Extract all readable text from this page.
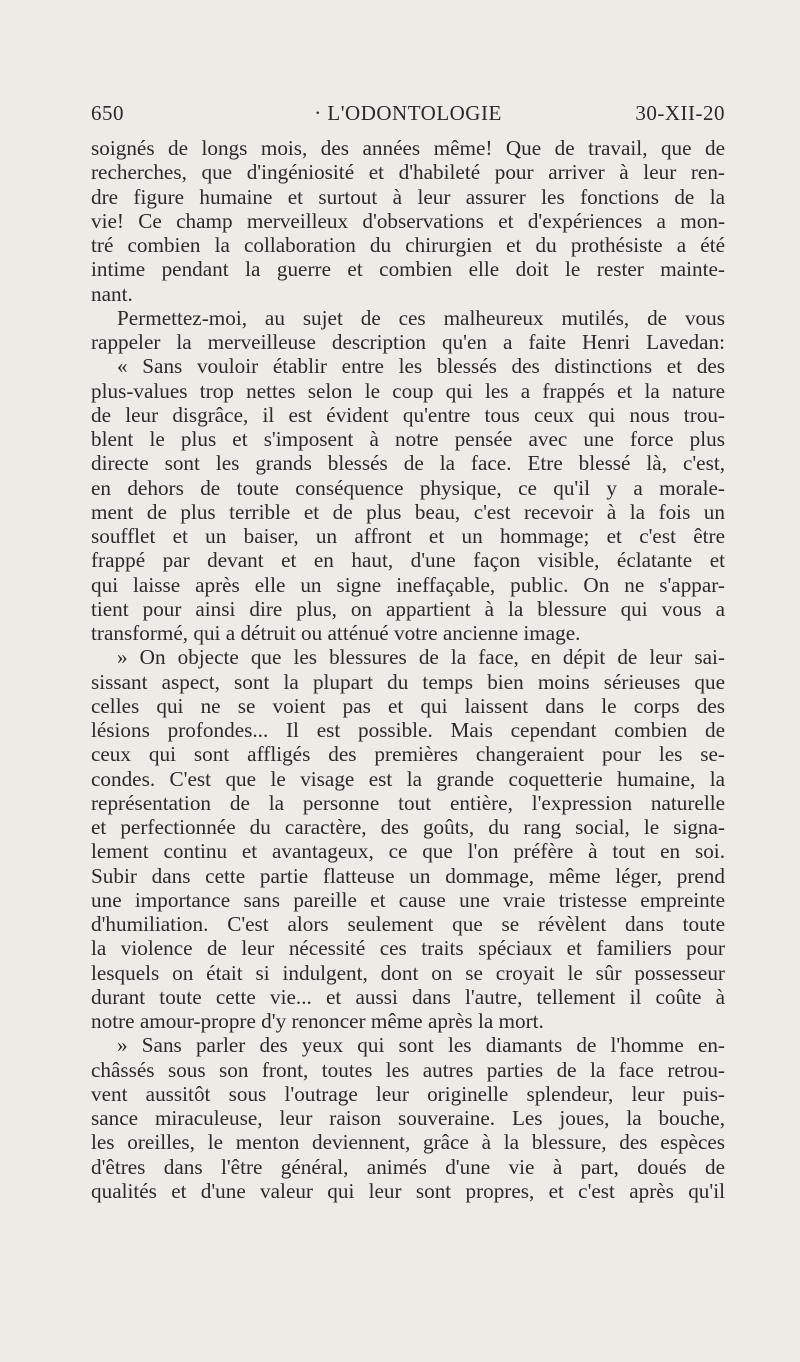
650	· L'ODONTOLOGIE	30-XII-20
soignés de longs mois, des années même! Que de travail, que de
recherches, que d'ingéniosité et d'habileté pour arriver à leur ren-
dre figure humaine et surtout à leur assurer les fonctions de la
vie! Ce champ merveilleux d'observations et d'expériences a mon-
tré combien la collaboration du chirurgien et du prothésiste a été
intime pendant la guerre et combien elle doit le rester mainte-
nant.
Permettez-moi, au sujet de ces malheureux mutilés, de vous
rappeler la merveilleuse description qu'en a faite Henri Lavedan:
« Sans vouloir établir entre les blessés des distinctions et des
plus-values trop nettes selon le coup qui les a frappés et la nature
de leur disgrâce, il est évident qu'entre tous ceux qui nous trou-
blent le plus et s'imposent à notre pensée avec une force plus
directe sont les grands blessés de la face. Etre blessé là, c'est,
en dehors de toute conséquence physique, ce qu'il y a morale-
ment de plus terrible et de plus beau, c'est recevoir à la fois un
soufflet et un baiser, un affront et un hommage; et c'est être
frappé par devant et en haut, d'une façon visible, éclatante et
qui laisse après elle un signe ineffaçable, public. On ne s'appar-
tient pour ainsi dire plus, on appartient à la blessure qui vous a
transformé, qui a détruit ou atténué votre ancienne image.
» On objecte que les blessures de la face, en dépit de leur sai-
sissant aspect, sont la plupart du temps bien moins sérieuses que
celles qui ne se voient pas et qui laissent dans le corps des
lésions profondes... Il est possible. Mais cependant combien de
ceux qui sont affligés des premières changeraient pour les se-
condes. C'est que le visage est la grande coquetterie humaine, la
représentation de la personne tout entière, l'expression naturelle
et perfectionnée du caractère, des goûts, du rang social, le signa-
lement continu et avantageux, ce que l'on préfère à tout en soi.
Subir dans cette partie flatteuse un dommage, même léger, prend
une importance sans pareille et cause une vraie tristesse empreinte
d'humiliation. C'est alors seulement que se révèlent dans toute
la violence de leur nécessité ces traits spéciaux et familiers pour
lesquels on était si indulgent, dont on se croyait le sûr possesseur
durant toute cette vie... et aussi dans l'autre, tellement il coûte à
notre amour-propre d'y renoncer même après la mort.
» Sans parler des yeux qui sont les diamants de l'homme en-
châssés sous son front, toutes les autres parties de la face retrou-
vent aussitôt sous l'outrage leur originelle splendeur, leur puis-
sance miraculeuse, leur raison souveraine. Les joues, la bouche,
les oreilles, le menton deviennent, grâce à la blessure, des espèces
d'êtres dans l'être général, animés d'une vie à part, doués de
qualités et d'une valeur qui leur sont propres, et c'est après qu'il
